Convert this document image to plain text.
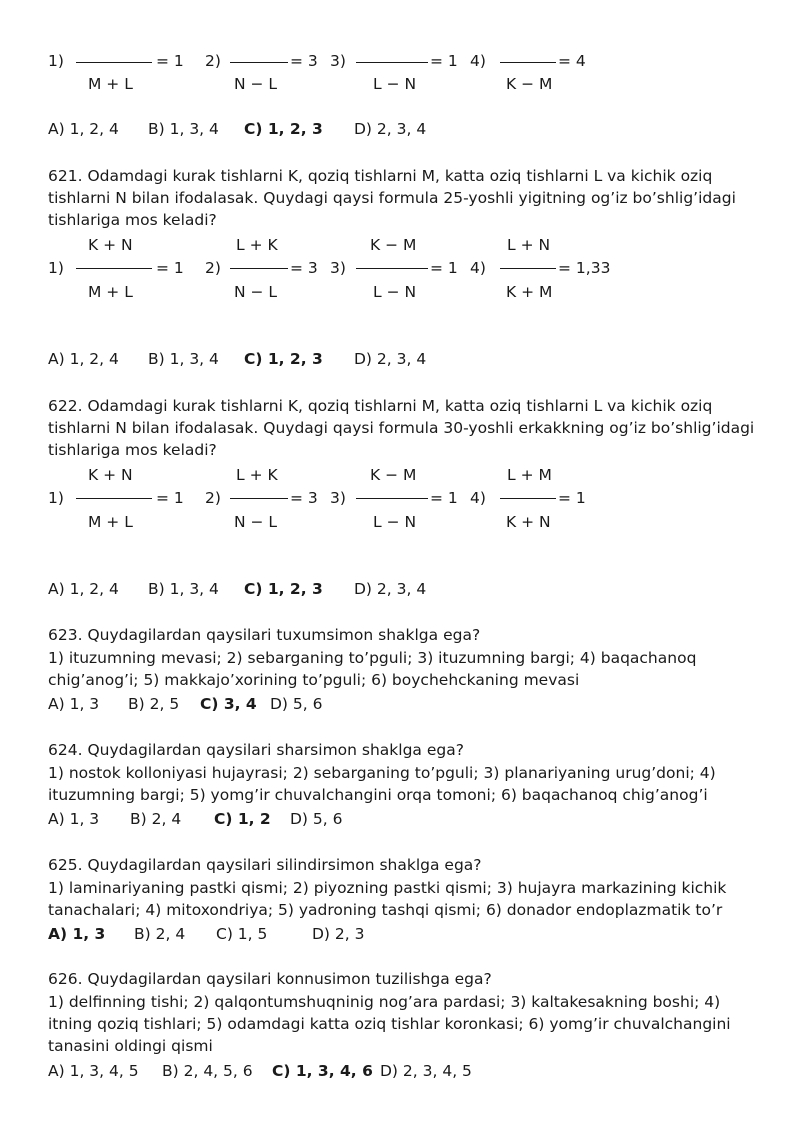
1)	= 1
M + L
2)	= 3
N − L
3)	= 1
L − N
4)	= 4
K − M
A) 1, 2, 4 B) 1, 3, 4 C) 1, 2, 3 D) 2, 3, 4
621. Odamdagi kurak tishlarni K, qoziq tishlarni M, katta oziq tishlarni L va kichik oziq tishlarni N bilan ifodalasak. Quydagi qaysi formula 25-yoshli yigitning og’iz bo’shlig’idagi tishlariga mos keladi?
K + N
1)	= 1
M + L
L + K
2)	= 3
N − L
K − M
3)	= 1
L − N
L + N
4)	= 1,33
K + M
A) 1, 2, 4 B) 1, 3, 4 C) 1, 2, 3 D) 2, 3, 4
622. Odamdagi kurak tishlarni K, qoziq tishlarni M, katta oziq tishlarni L va kichik oziq tishlarni N bilan ifodalasak. Quydagi qaysi formula 30-yoshli erkakkning og’iz bo’shlig’idagi tishlariga mos keladi?
K + N
1)	= 1
M + L
L + K
2)	= 3
N − L
K − M
3)	= 1
L − N
L + M
4)	= 1
K + N
A) 1, 2, 4 B) 1, 3, 4 C) 1, 2, 3 D) 2, 3, 4
623. Quydagilardan qaysilari tuxumsimon shaklga ega?
1) ituzumning mevasi; 2) sebarganing to’pguli; 3) ituzumning bargi; 4) baqachanoq chig’anog’i; 5) makkajo’xorining to’pguli; 6) boychehckaning mevasi
A) 1, 3 B) 2, 5 C) 3, 4 D) 5, 6
624. Quydagilardan qaysilari sharsimon shaklga ega?
1) nostok kolloniyasi hujayrasi; 2) sebarganing to’pguli; 3) planariyaning urug’doni; 4) ituzumning bargi; 5) yomg’ir chuvalchangini orqa tomoni; 6) baqachanoq chig’anog’i
A) 1, 3 B) 2, 4 C) 1, 2 D) 5, 6
625. Quydagilardan qaysilari silindirsimon shaklga ega?
1) laminariyaning pastki qismi; 2) piyozning pastki qismi; 3) hujayra markazining kichik tanachalari; 4) mitoxondriya; 5) yadroning tashqi qismi; 6) donador endoplazmatik to’r
A) 1, 3 B) 2, 4 C) 1, 5	D) 2, 3
626. Quydagilardan qaysilari konnusimon tuzilishga ega?
1) delfinning tishi; 2) qalqontumshuqninig nog’ara pardasi; 3) kaltakesakning boshi; 4) itning qoziq tishlari; 5) odamdagi katta oziq tishlar koronkasi; 6) yomg’ir chuvalchangini tanasini oldingi qismi
A) 1, 3, 4, 5 B) 2, 4, 5, 6 C) 1, 3, 4, 6 D) 2, 3, 4, 5
